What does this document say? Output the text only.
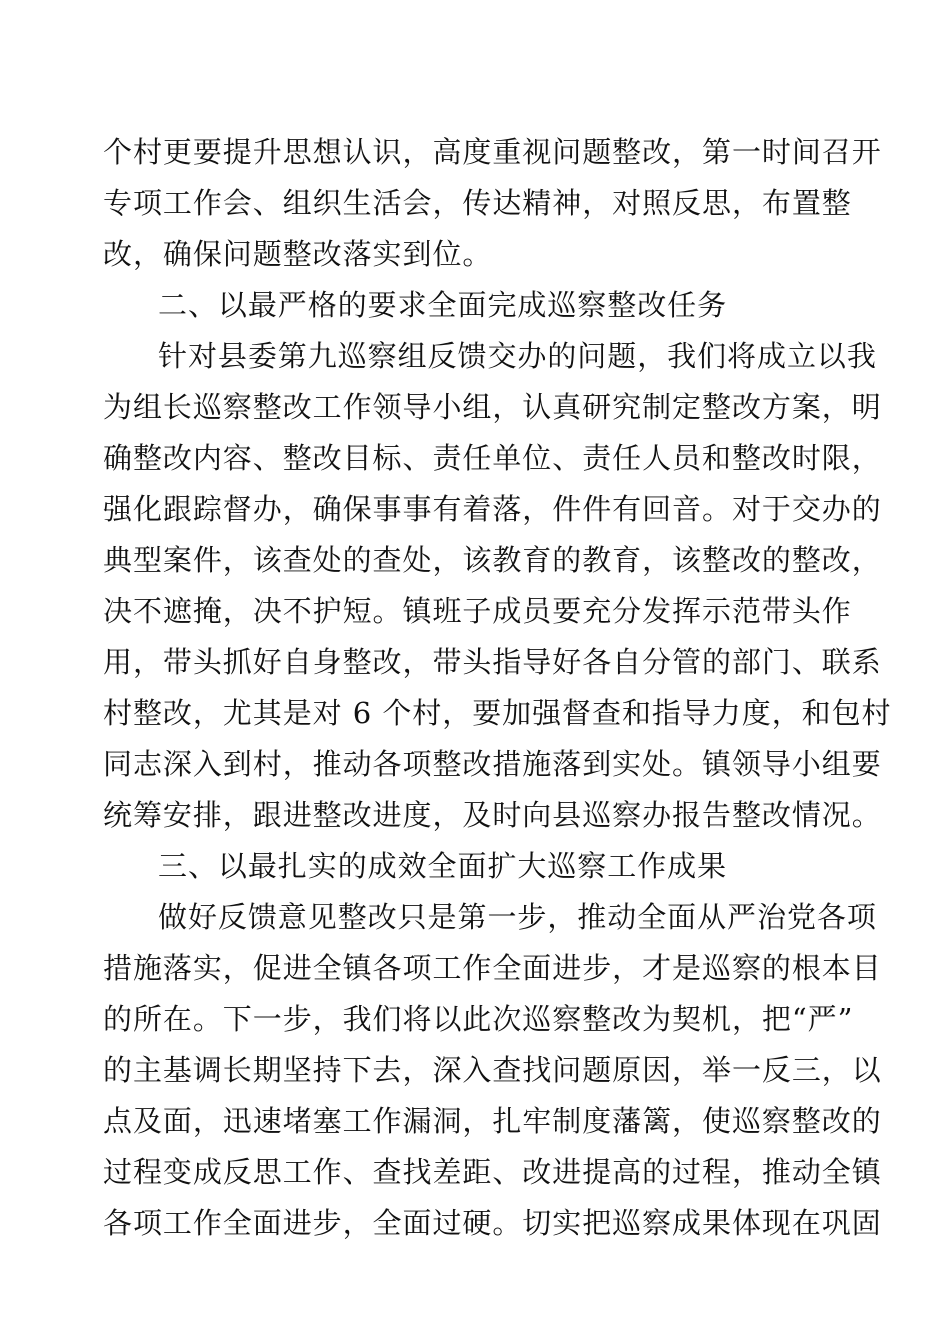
个村更要提升思想认识，高度重视问题整改，第一时间召开
专项工作会、组织生活会，传达精神，对照反思，布置整
改，确保问题整改落实到位。
二、以最严格的要求全面完成巡察整改任务
针对县委第九巡察组反馈交办的问题，我们将成立以我
为组长巡察整改工作领导小组，认真研究制定整改方案，明
确整改内容、整改目标、责任单位、责任人员和整改时限，
强化跟踪督办，确保事事有着落，件件有回音。对于交办的
典型案件，该查处的查处，该教育的教育，该整改的整改，
决不遮掩，决不护短。镇班子成员要充分发挥示范带头作
用，带头抓好自身整改，带头指导好各自分管的部门、联系
村整改，尤其是对 6 个村，要加强督查和指导力度，和包村
同志深入到村，推动各项整改措施落到实处。镇领导小组要
统筹安排，跟进整改进度，及时向县巡察办报告整改情况。
三、以最扎实的成效全面扩大巡察工作成果
做好反馈意见整改只是第一步，推动全面从严治党各项
措施落实，促进全镇各项工作全面进步，才是巡察的根本目
的所在。下一步，我们将以此次巡察整改为契机，把“严”
的主基调长期坚持下去，深入查找问题原因，举一反三，以
点及面，迅速堵塞工作漏洞，扎牢制度藩篱，使巡察整改的
过程变成反思工作、查找差距、改进提高的过程，推动全镇
各项工作全面进步，全面过硬。切实把巡察成果体现在巩固
